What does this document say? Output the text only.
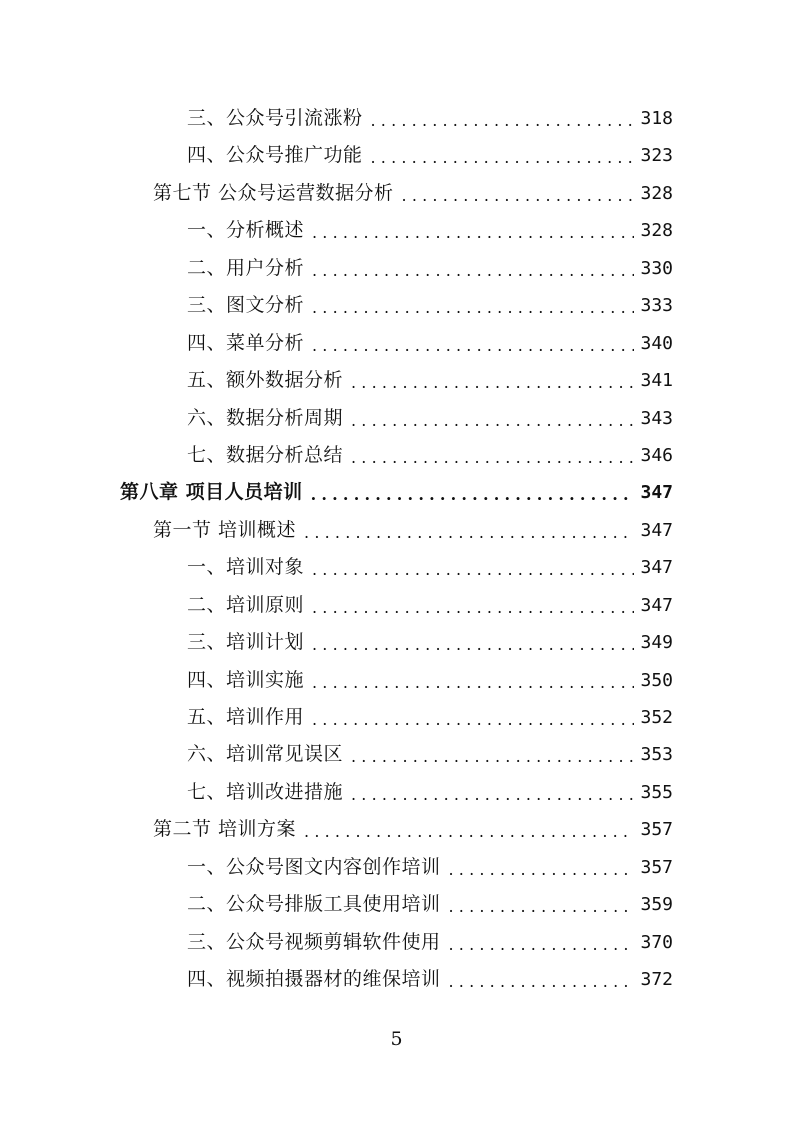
三、公众号引流涨粉 .....	318
四、公众号推广功能 .....	323
第七节 公众号运营数据分析 .....	328
一、分析概述 .....	328
二、用户分析 .....	330
三、图文分析 .....	333
四、菜单分析 .....	340
五、额外数据分析 .....	341
六、数据分析周期 .....	343
七、数据分析总结 .....	346
第八章 项目人员培训 .....	347
第一节 培训概述 .....	347
一、培训对象 .....	347
二、培训原则 .....	347
三、培训计划 .....	349
四、培训实施 .....	350
五、培训作用 .....	352
六、培训常见误区 .....	353
七、培训改进措施 .....	355
第二节 培训方案 .....	357
一、公众号图文内容创作培训 .....	357
二、公众号排版工具使用培训 .....	359
三、公众号视频剪辑软件使用 .....	370
四、视频拍摄器材的维保培训 .....	372
5
